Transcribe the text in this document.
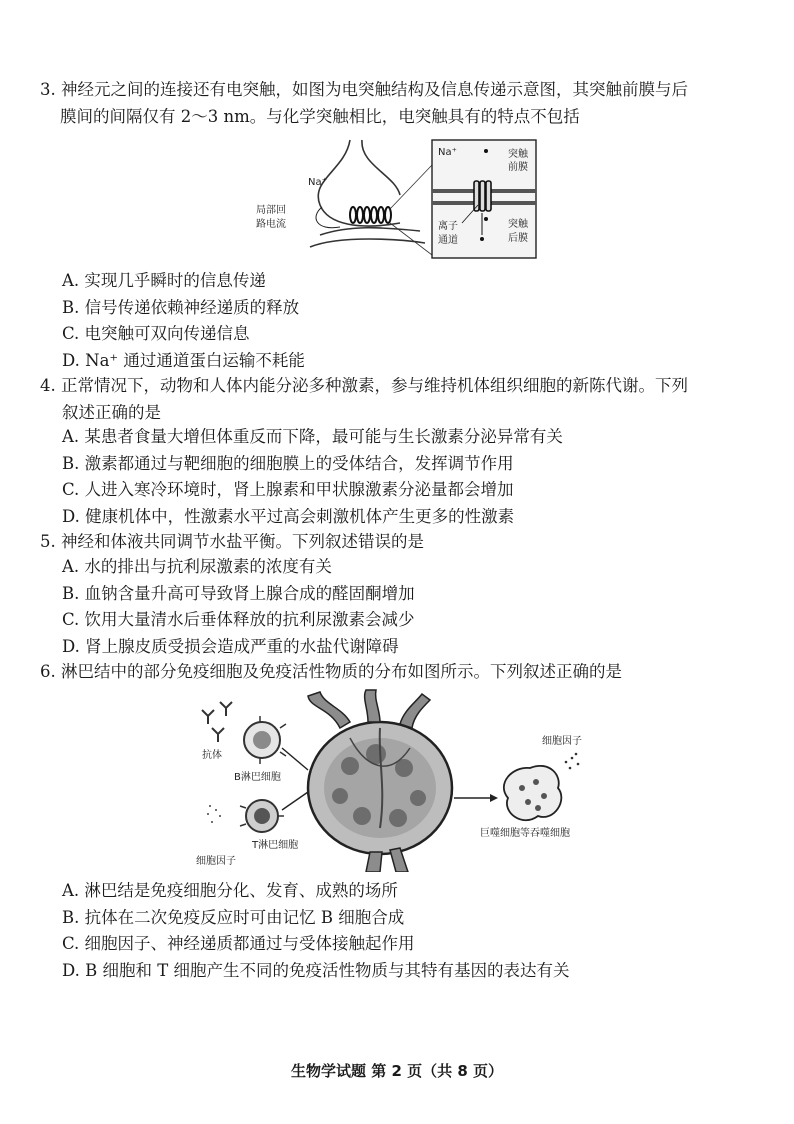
3. 神经元之间的连接还有电突触，如图为电突触结构及信息传递示意图，其突触前膜与后

膜间的间隔仅有 2～3 nm。与化学突触相比，电突触具有的特点不包括

Na⁺
局部回
路电流
Na⁺	突触
前膜
离子
通道
突触
后膜
A. 实现几乎瞬时的信息传递
B. 信号传递依赖神经递质的释放
C. 电突触可双向传递信息
D. Na⁺ 通过通道蛋白运输不耗能

4. 正常情况下，动物和人体内能分泌多种激素，参与维持机体组织细胞的新陈代谢。下列

叙述正确的是

A. 某患者食量大增但体重反而下降，最可能与生长激素分泌异常有关
B. 激素都通过与靶细胞的细胞膜上的受体结合，发挥调节作用
C. 人进入寒冷环境时，肾上腺素和甲状腺激素分泌量都会增加
D. 健康机体中，性激素水平过高会刺激机体产生更多的性激素

5. 神经和体液共同调节水盐平衡。下列叙述错误的是

A. 水的排出与抗利尿激素的浓度有关
B. 血钠含量升高可导致肾上腺合成的醛固酮增加
C. 饮用大量清水后垂体释放的抗利尿激素会减少
D. 肾上腺皮质受损会造成严重的水盐代谢障碍

6. 淋巴结中的部分免疫细胞及免疫活性物质的分布如图所示。下列叙述正确的是

抗体
B淋巴细胞
T淋巴细胞
细胞因子
细胞因子
巨噬细胞等吞噬细胞
A. 淋巴结是免疫细胞分化、发育、成熟的场所
B. 抗体在二次免疫反应时可由记忆 B 细胞合成
C. 细胞因子、神经递质都通过与受体接触起作用
D. B 细胞和 T 细胞产生不同的免疫活性物质与其特有基因的表达有关
生物学试题 第 2 页（共 8 页）
